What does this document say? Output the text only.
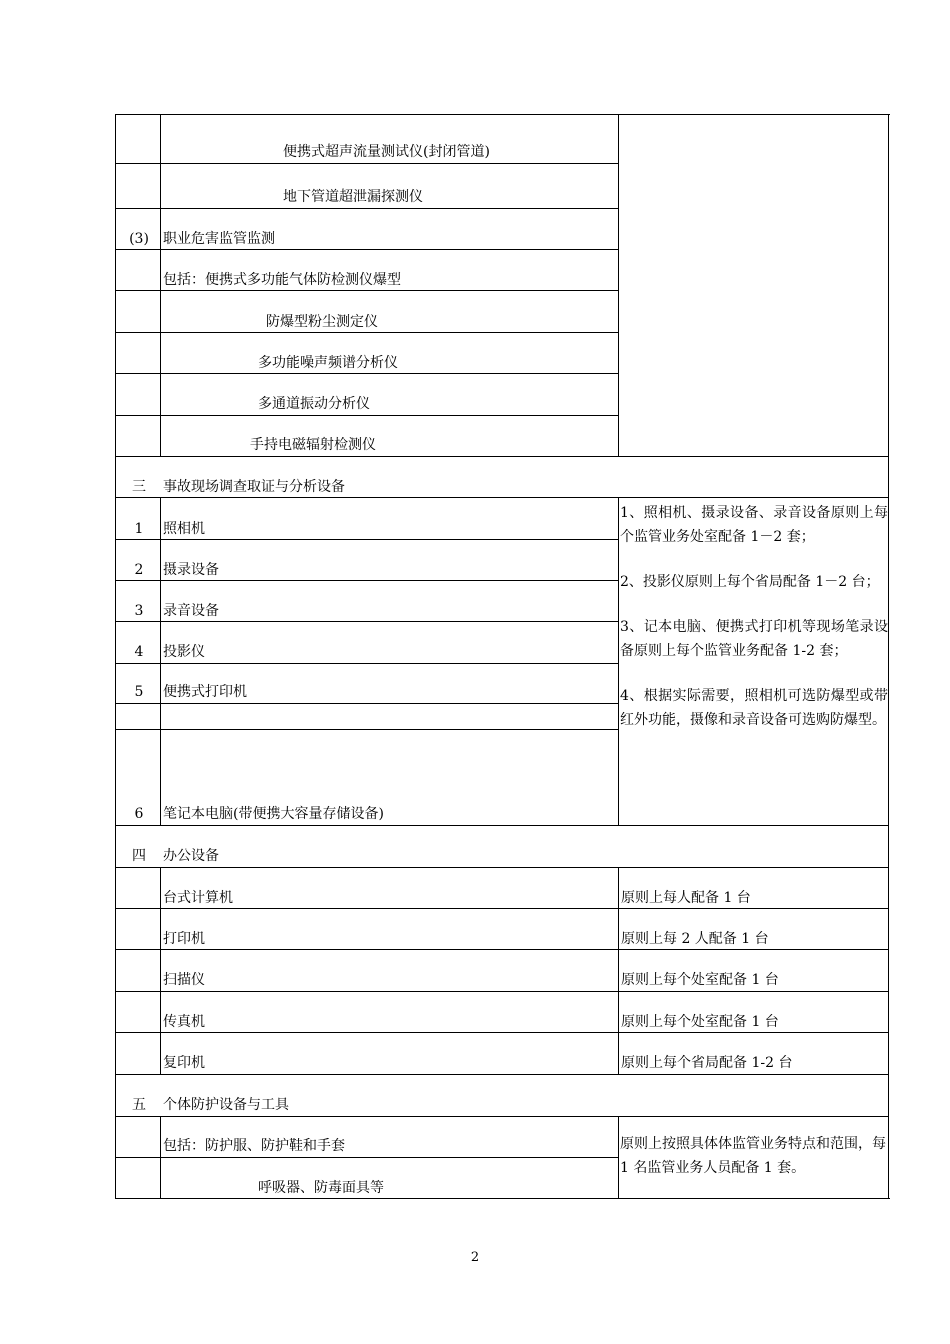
便携式超声流量测试仪(封闭管道)
地下管道超泄漏探测仪
(3)	职业危害监管监测
包括：便携式多功能气体防检测仪爆型
防爆型粉尘测定仪
多功能噪声频谱分析仪
多通道振动分析仪
手持电磁辐射检测仪
三	事故现场调查取证与分析设备
1	照相机
2	摄录设备
3	录音设备
4	投影仪
5	便携式打印机
6	笔记本电脑(带便携大容量存储设备)

1、照相机、摄录设备、录音设备原则上每个监管业务处室配备 1－2 套；

2、投影仪原则上每个省局配备 1－2 台；

3、记本电脑、便携式打印机等现场笔录设备原则上每个监管业务配备 1-2 套；

4、根据实际需要，照相机可选防爆型或带红外功能，摄像和录音设备可选购防爆型。

四	办公设备
台式计算机	原则上每人配备 1 台
打印机	原则上每 2 人配备 1 台
扫描仪	原则上每个处室配备 1 台
传真机	原则上每个处室配备 1 台
复印机	原则上每个省局配备 1-2 台
五	个体防护设备与工具
包括：防护服、防护鞋和手套
呼吸器、防毒面具等
原则上按照具体体监管业务特点和范围，每 1 名监管业务人员配备 1 套。
2
